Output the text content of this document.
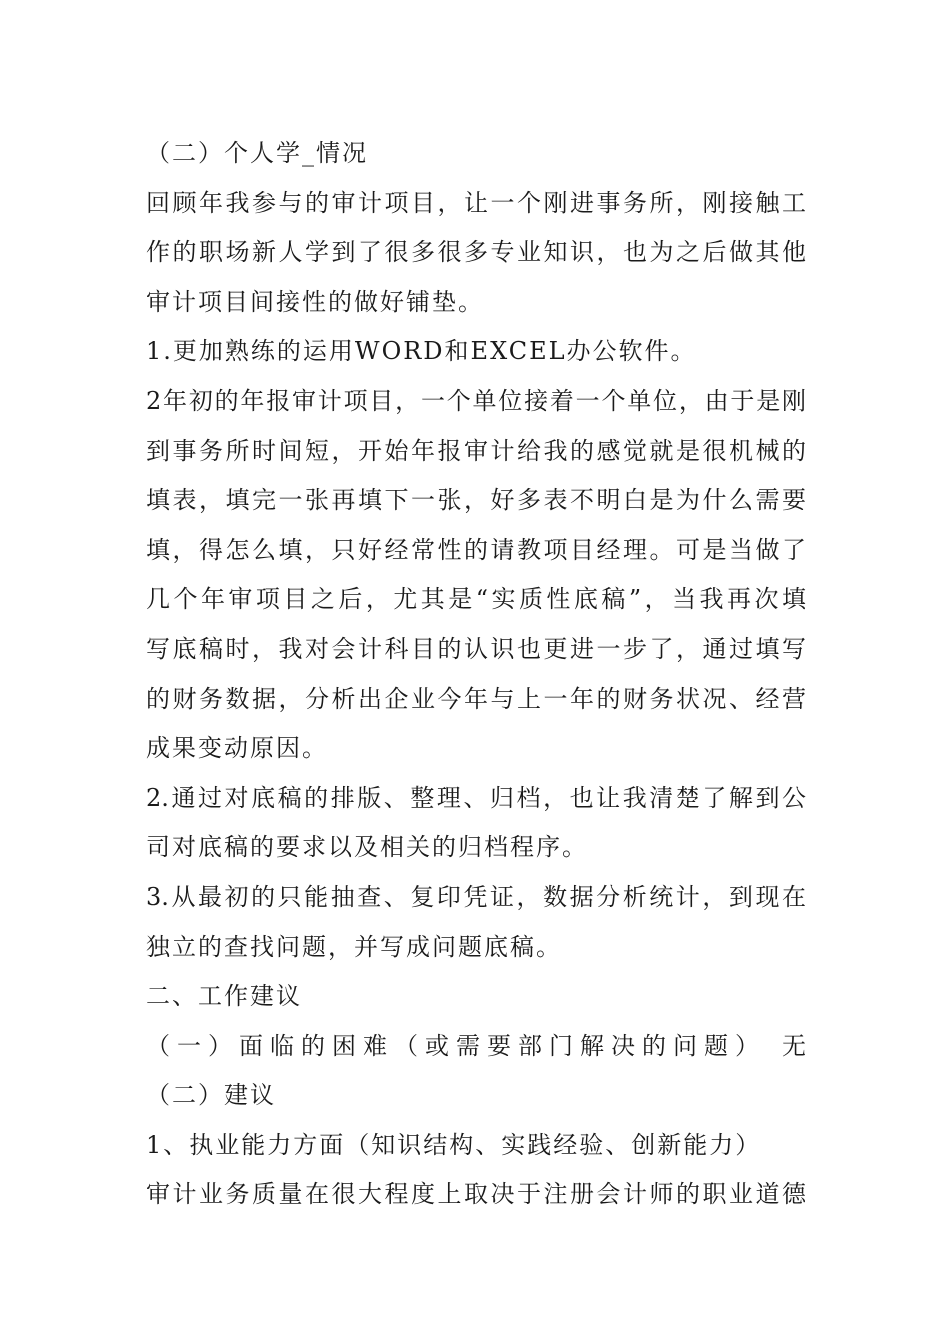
（二）个人学_情况
回顾年我参与的审计项目，让一个刚进事务所，刚接触工
作的职场新人学到了很多很多专业知识，也为之后做其他
审计项目间接性的做好铺垫。
1.更加熟练的运用WORD和EXCEL办公软件。
2年初的年报审计项目，一个单位接着一个单位，由于是刚
到事务所时间短，开始年报审计给我的感觉就是很机械的
填表，填完一张再填下一张，好多表不明白是为什么需要
填，得怎么填，只好经常性的请教项目经理。可是当做了
几个年审项目之后，尤其是“实质性底稿”，当我再次填
写底稿时，我对会计科目的认识也更进一步了，通过填写
的财务数据，分析出企业今年与上一年的财务状况、经营
成果变动原因。
2.通过对底稿的排版、整理、归档，也让我清楚了解到公
司对底稿的要求以及相关的归档程序。
3.从最初的只能抽查、复印凭证，数据分析统计，到现在
独立的查找问题，并写成问题底稿。
二、工作建议
（一）面临的困难（或需要部门解决的问题） 无
（二）建议
1、执业能力方面（知识结构、实践经验、创新能力）
审计业务质量在很大程度上取决于注册会计师的职业道德
